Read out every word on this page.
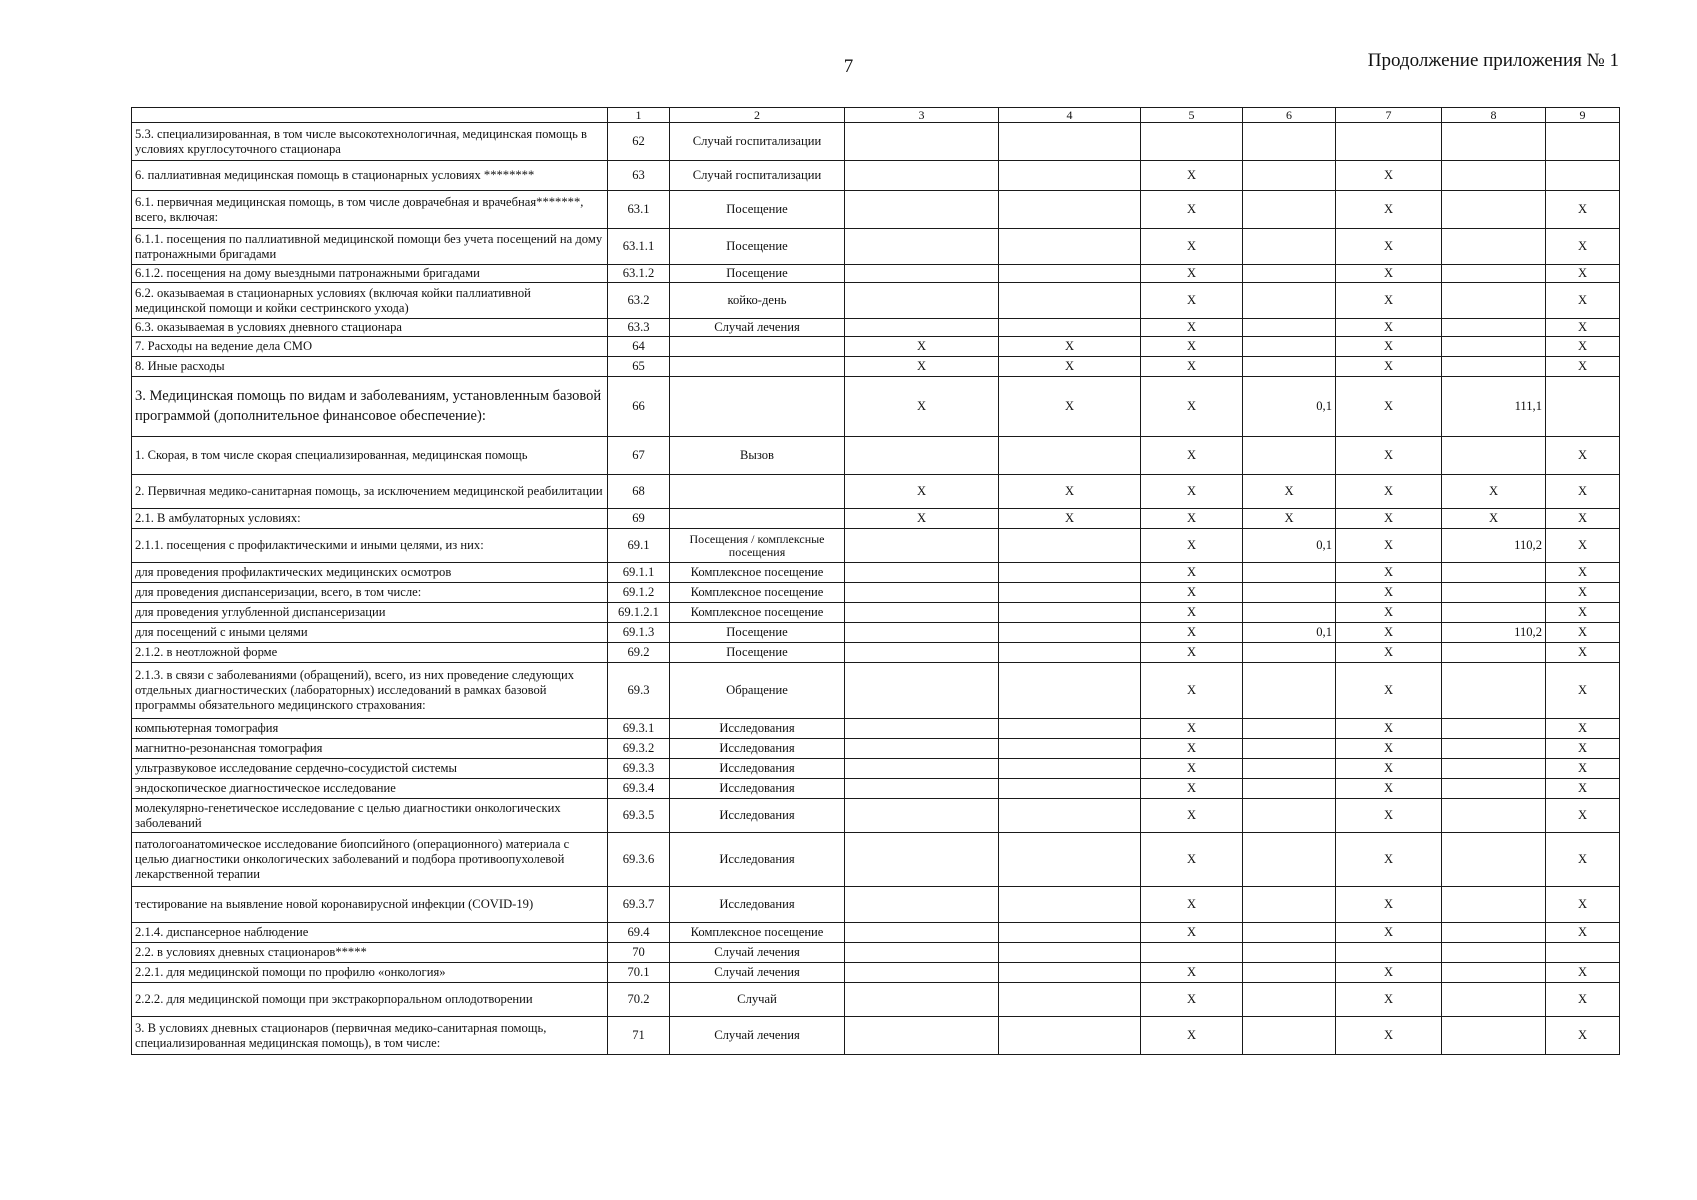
7	Продолжение приложения № 1
	1	2	3	4	5	6	7	8	9
5.3. специализированная, в том числе высокотехнологичная, медицинская помощь в условиях круглосуточного стационара	62	Случай госпитализации							
6. паллиативная медицинская помощь в стационарных условиях ********	63	Случай госпитализации			X		X		
6.1. первичная медицинская помощь, в том числе доврачебная и врачебная*******, всего, включая:	63.1	Посещение			X		X		X
6.1.1. посещения по паллиативной медицинской помощи без учета посещений на дому патронажными бригадами	63.1.1	Посещение			X		X		X
6.1.2. посещения на дому выездными патронажными бригадами	63.1.2	Посещение			X		X		X
6.2. оказываемая в стационарных условиях (включая койки паллиативной медицинской помощи и койки сестринского ухода)	63.2	койко-день			X		X		X
6.3. оказываемая в условиях дневного стационара	63.3	Случай лечения			X		X		X
7. Расходы на ведение дела СМО	64		X	X	X		X		X
8. Иные расходы	65		X	X	X		X		X
3. Медицинская помощь по видам и заболеваниям, установленным базовой программой (дополнительное финансовое обеспечение):	66		X	X	X	0,1	X	111,1	
1. Скорая, в том числе скорая специализированная, медицинская помощь	67	Вызов			X		X		X
2. Первичная медико-санитарная помощь, за исключением медицинской реабилитации	68		X	X	X	X	X	X	X
2.1. В амбулаторных условиях:	69		X	X	X	X	X	X	X
2.1.1. посещения с профилактическими и иными целями, из них:	69.1	Посещения / комплексные посещения			X	0,1	X	110,2	X
для проведения профилактических медицинских осмотров	69.1.1	Комплексное посещение			X		X		X
для проведения диспансеризации, всего, в том числе:	69.1.2	Комплексное посещение			X		X		X
для проведения углубленной диспансеризации	69.1.2.1	Комплексное посещение			X		X		X
для посещений с иными целями	69.1.3	Посещение			X	0,1	X	110,2	X
2.1.2. в неотложной форме	69.2	Посещение			X		X		X
2.1.3. в связи с заболеваниями (обращений), всего, из них проведение следующих отдельных диагностических (лабораторных) исследований в рамках базовой программы обязательного медицинского страхования:	69.3	Обращение			X		X		X
компьютерная томография	69.3.1	Исследования			X		X		X
магнитно-резонансная томография	69.3.2	Исследования			X		X		X
ультразвуковое исследование сердечно-сосудистой системы	69.3.3	Исследования			X		X		X
эндоскопическое диагностическое исследование	69.3.4	Исследования			X		X		X
молекулярно-генетическое исследование с целью диагностики онкологических заболеваний	69.3.5	Исследования			X		X		X
патологоанатомическое исследование биопсийного (операционного) материала с целью диагностики онкологических заболеваний и подбора противоопухолевой лекарственной терапии	69.3.6	Исследования			X		X		X
тестирование на выявление новой коронавирусной инфекции (COVID-19)	69.3.7	Исследования			X		X		X
2.1.4. диспансерное наблюдение	69.4	Комплексное посещение			X		X		X
2.2. в условиях дневных стационаров*****	70	Случай лечения							
2.2.1. для медицинской помощи по профилю «онкология»	70.1	Случай лечения			X		X		X
2.2.2. для медицинской помощи при экстракорпоральном оплодотворении	70.2	Случай			X		X		X
3. В условиях дневных стационаров (первичная медико-санитарная помощь, специализированная медицинская помощь), в том числе:	71	Случай лечения			X		X		X
